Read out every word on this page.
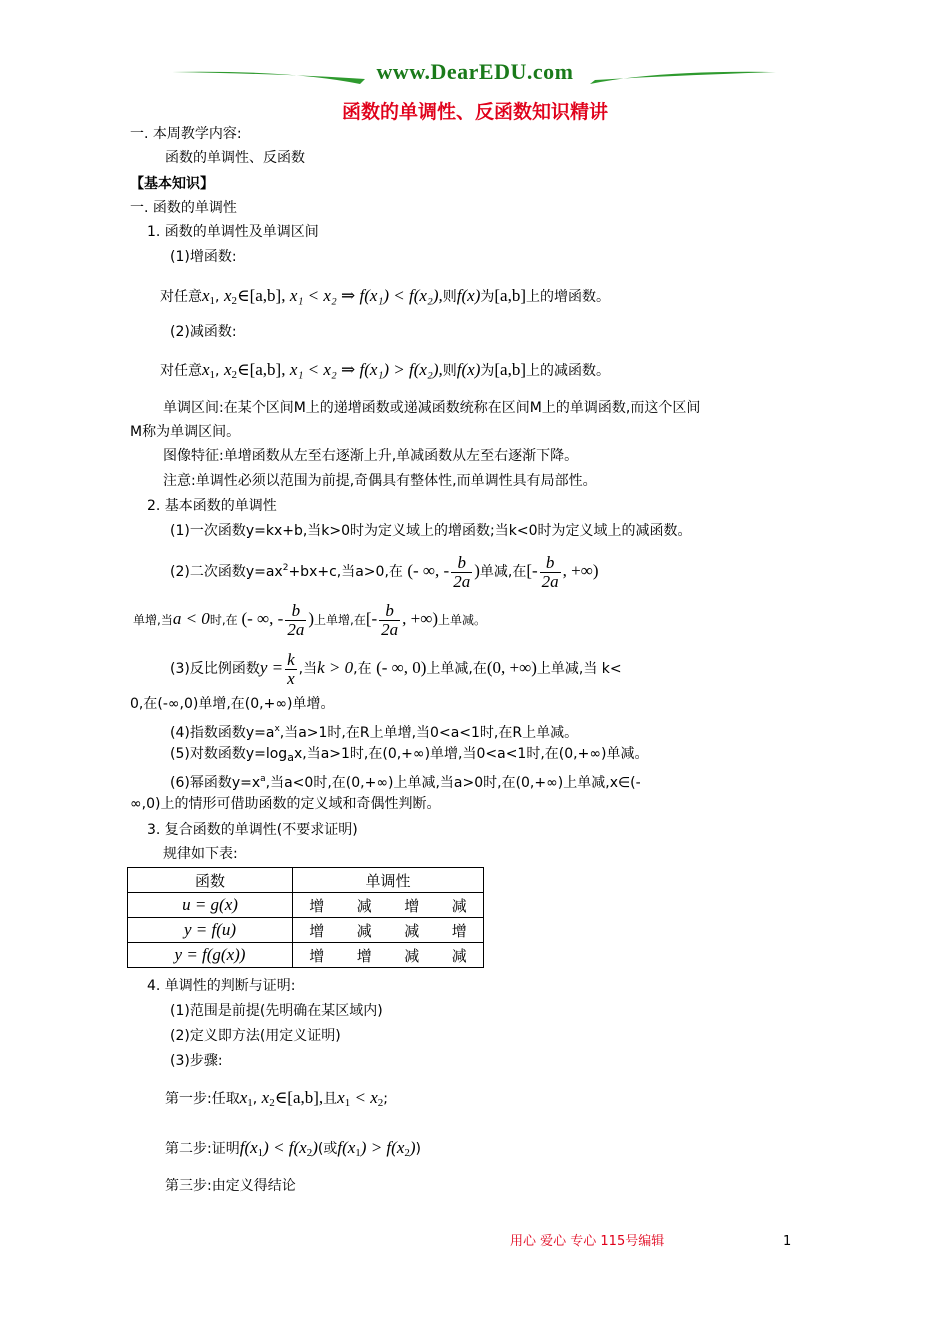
www.DearEDU.com
函数的单调性、反函数知识精讲
一. 本周教学内容:
函数的单调性、反函数
【基本知识】
一. 函数的单调性
1. 函数的单调性及单调区间
(1)增函数:
对任意$x_1$, $x_2\in[a,b]$, x₁ < x₂ ⇒ f(x₁) < f(x₂),则f(x)为[a,b]上的增函数。
(2)减函数:
对任意$x_1$, $x_2\in[a,b]$, x₁ < x₂ ⇒ f(x₁) > f(x₂),则f(x)为[a,b]上的减函数。
单调区间:在某个区间M上的递增函数或递减函数统称在区间M上的单调函数,而这个区间
M称为单调区间。
图像特征:单增函数从左至右逐渐上升,单减函数从左至右逐渐下降。
注意:单调性必须以范围为前提,奇偶具有整体性,而单调性具有局部性。
2. 基本函数的单调性
(1)一次函数y=kx+b,当k>0时为定义域上的增函数;当k<0时为定义域上的减函数。
(2)二次函数$y=ax^2+bx+c$,当a>0,在 (- ∞, - $\frac{b}{2a}$ )单减,在[- $\frac{b}{2a}$ , +∞)
单增,当a < 0时,在 (- ∞, - $\frac{b}{2a}$ )上单增,在[- $\frac{b}{2a}$ , +∞)上单减。
(3)反比例函数$y = \frac{k}{x}$ ,当k > 0,在 (- ∞, 0)上单减,在(0, +∞)上单减,当 k<
0,在(-∞,0)单增,在(0,+∞)单增。
(4)指数函数$y=a^x$,当a>1时,在R上单增,当0<a<1时,在R上单减。
(5)对数函数$y=\log_ax$,当a>1时,在(0,+∞)单增,当0<a<1时,在(0,+∞)单减。
(6)幂函数$y=x^a$,当a<0时,在(0,+∞)上单减,当a>0时,在(0,+∞)上单减,x∈(-
∞,0)上的情形可借助函数的定义域和奇偶性判断。
3. 复合函数的单调性(不要求证明)
规律如下表:
函数	单调性			
u = g(x)	增	减	增	减
y = f(u)	增	减	减	增
y = f(g(x))	增	增	减	减
4. 单调性的判断与证明:
(1)范围是前提(先明确在某区域内)
(2)定义即方法(用定义证明)
(3)步骤:
第一步:任取$x_1$, $x_2\in[a,b]$,且$x_1 < x_2$;
第二步:证明$f(x_1) < f(x_2)$(或$f(x_1) > f(x_2)$)
第三步:由定义得结论
用心 爱心 专心 115号编辑	1
